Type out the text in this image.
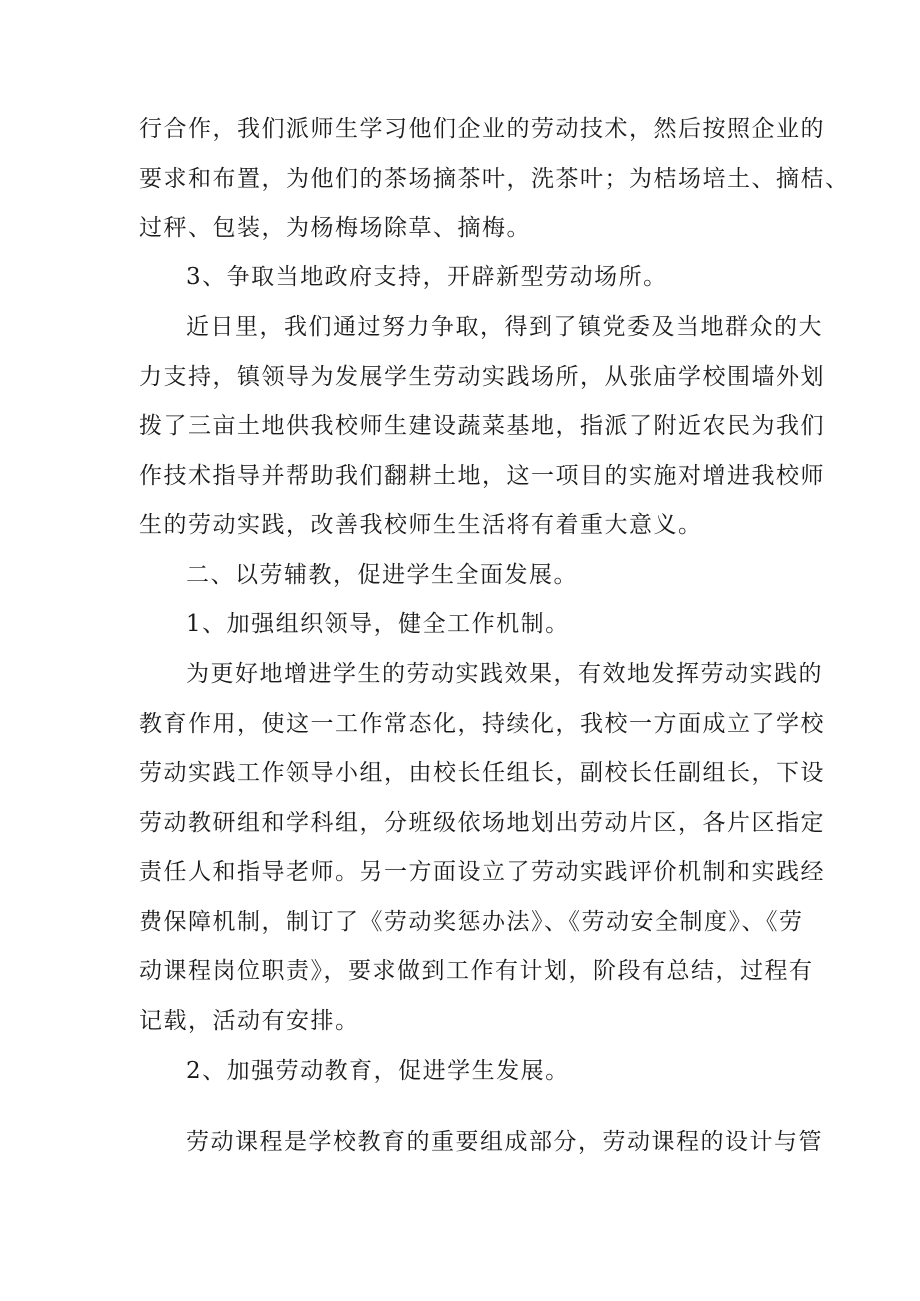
行合作，我们派师生学习他们企业的劳动技术，然后按照企业的
要求和布置，为他们的茶场摘茶叶，洗茶叶；为桔场培土、摘桔、
过秤、包装，为杨梅场除草、摘梅。
3、争取当地政府支持，开辟新型劳动场所。
近日里，我们通过努力争取，得到了镇党委及当地群众的大
力支持，镇领导为发展学生劳动实践场所，从张庙学校围墙外划
拨了三亩土地供我校师生建设蔬菜基地，指派了附近农民为我们
作技术指导并帮助我们翻耕土地，这一项目的实施对增进我校师
生的劳动实践，改善我校师生生活将有着重大意义。
二、以劳辅教，促进学生全面发展。
1、加强组织领导，健全工作机制。
为更好地增进学生的劳动实践效果，有效地发挥劳动实践的
教育作用，使这一工作常态化，持续化，我校一方面成立了学校
劳动实践工作领导小组，由校长任组长，副校长任副组长，下设
劳动教研组和学科组，分班级依场地划出劳动片区，各片区指定
责任人和指导老师。另一方面设立了劳动实践评价机制和实践经
费保障机制，制订了《劳动奖惩办法》、《劳动安全制度》、《劳
动课程岗位职责》，要求做到工作有计划，阶段有总结，过程有
记载，活动有安排。
2、加强劳动教育，促进学生发展。
劳动课程是学校教育的重要组成部分，劳动课程的设计与管
